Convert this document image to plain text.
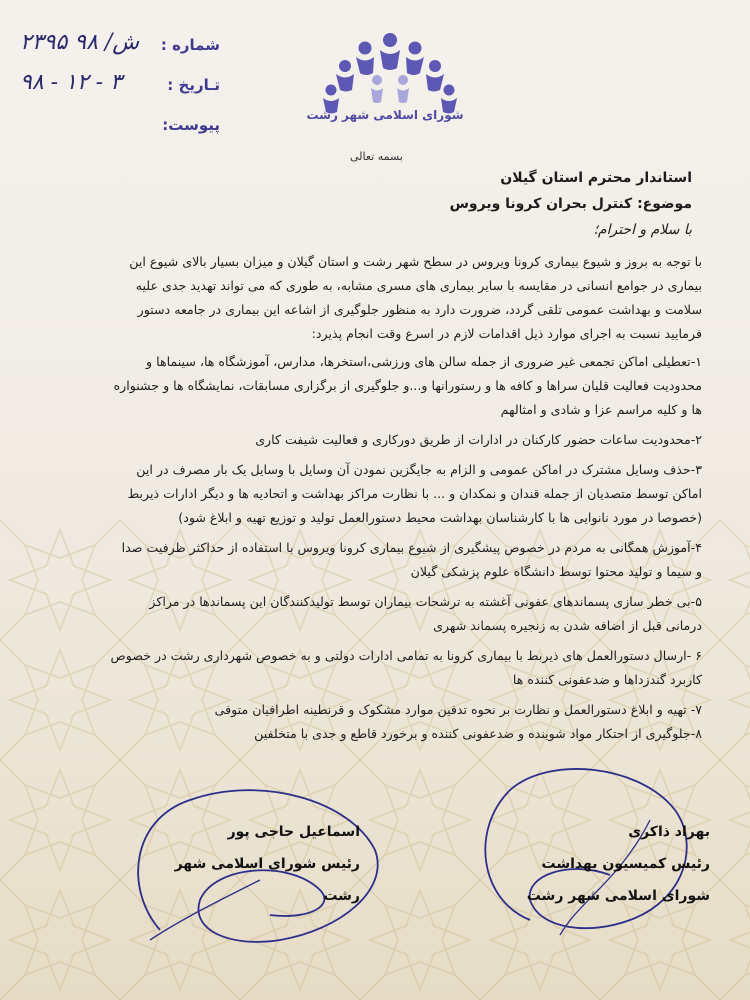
شورای اسلامی شهر رشت
شماره :
۲۳۹۵ ش/ ۹۸
تـاريخ :
۹۸ - ۱۲ - ۳
پیوست:
بسمه تعالی
استاندار محترم استان گیلان
موضوع: کنترل بحران کرونا ویروس
با سلام و احترام؛

با توجه به بروز و شیوع بیماری کرونا ویروس در سطح شهر رشت و استان گیلان و میزان بسیار بالای شیوع این

بیماری در جوامع انسانی در مقایسه با سایر بیماری های مسری مشابه، به طوری که می تواند تهدید جدی علیه

سلامت و بهداشت عمومی تلقی گردد، ضرورت دارد به منظور جلوگیری از اشاعه این بیماری در جامعه دستور

فرمایید نسبت به اجرای موارد ذیل اقدامات لازم در اسرع وقت انجام پذیرد:

۱-تعطیلی اماکن تجمعی غیر ضروری از جمله سالن های ورزشی،استخرها، مدارس، آموزشگاه ها، سینماها و

محدودیت فعالیت قلیان سراها و کافه ها و رستورانها و...و جلوگیری از برگزاری مسابقات، نمایشگاه ها و جشنواره

ها و کلیه مراسم عزا و شادی و امثالهم

۲-محدودیت ساعات حضور کارکنان در ادارات از طریق دورکاری و فعالیت شیفت کاری

۳-حذف وسایل مشترک در اماکن عمومی و الزام به جایگزین نمودن آن وسایل با وسایل یک بار مصرف در این

اماکن توسط متصدیان از جمله قندان و نمکدان و ... با نظارت مراکز بهداشت و اتحادیه ها و دیگر ادارات ذیربط

(خصوصا در مورد نانوایی ها با کارشناسان بهداشت محیط دستورالعمل تولید و توزیع تهیه و ابلاغ شود)

۴-آموزش همگانی به مردم در خصوص پیشگیری از شیوع بیماری کرونا ویروس با استفاده از حداکثر ظرفیت صدا

و سیما و تولید محتوا توسط دانشگاه علوم پزشکی گیلان

۵-بی خطر سازی پسماندهای عفونی آغشته به ترشحات بیماران توسط تولیدکنندگان این پسماندها در مراکز

درمانی قبل از اضافه شدن به زنجیره پسماند شهری

۶ -ارسال دستورالعمل های ذیربط با بیماری کرونا به تمامی ادارات دولتی و به خصوص شهرداری رشت در خصوص

کاربرد گندزداها و ضدعفونی کننده ها

۷- تهیه و ابلاغ دستورالعمل و نظارت بر نحوه تدفین موارد مشکوک و قرنطینه اطرافیان متوفی

۸-جلوگیری از احتکار مواد شوینده و ضدعفونی کننده و برخورد قاطع و جدی با متخلفین

اسماعیل حاجی پور
رئیس شورای اسلامی شهر رشت
بهراد ذاکری
رئیس کمیسیون بهداشت
شورای اسلامی شهر رشت
